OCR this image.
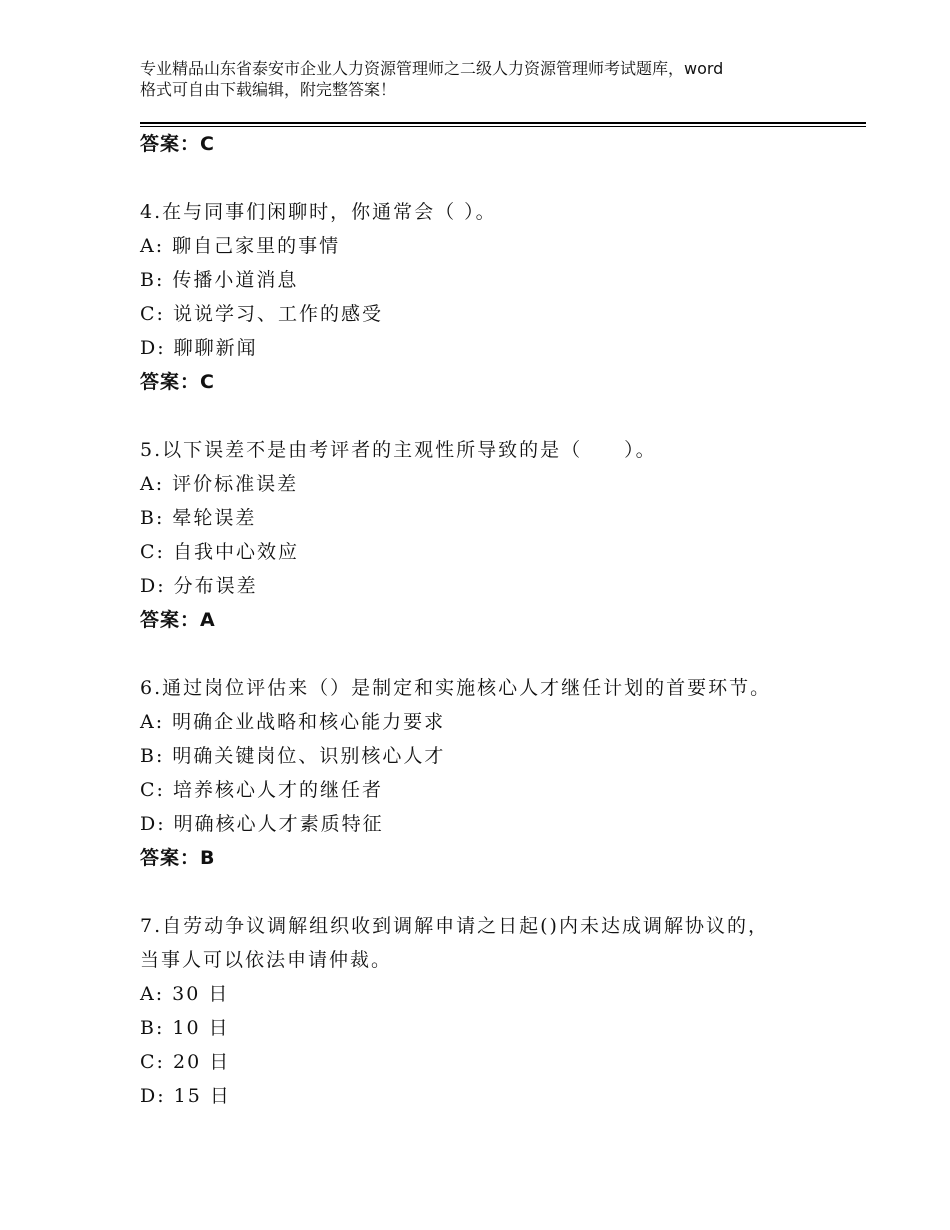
专业精品山东省泰安市企业人力资源管理师之二级人力资源管理师考试题库，word
格式可自由下载编辑，附完整答案！
答案：C
4.在与同事们闲聊时，你通常会（ ）。
A: 聊自己家里的事情
B: 传播小道消息
C: 说说学习、工作的感受
D: 聊聊新闻
答案：C
5.以下误差不是由考评者的主观性所导致的是（　　）。
A: 评价标准误差
B: 晕轮误差
C: 自我中心效应
D: 分布误差
答案：A
6.通过岗位评估来（）是制定和实施核心人才继任计划的首要环节。
A: 明确企业战略和核心能力要求
B: 明确关键岗位、识别核心人才
C: 培养核心人才的继任者
D: 明确核心人才素质特征
答案：B
7.自劳动争议调解组织收到调解申请之日起()内未达成调解协议的，
当事人可以依法申请仲裁。
A: 30 日
B: 10 日
C: 20 日
D: 15 日
